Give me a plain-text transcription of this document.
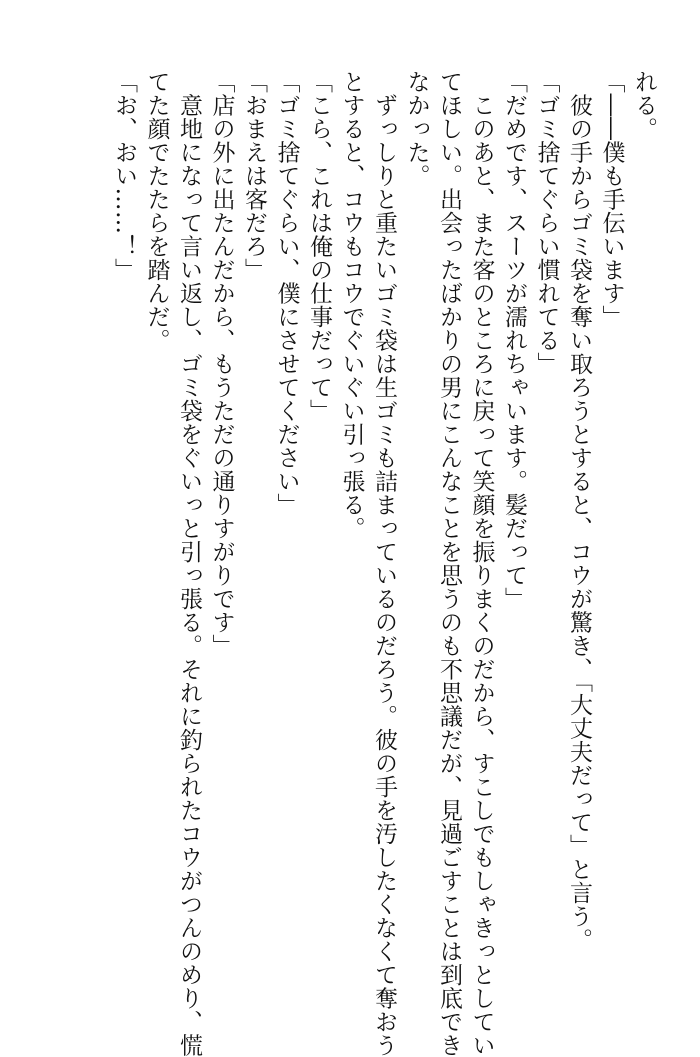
れる。
「――僕も手伝います」
　彼の手からゴミ袋を奪い取ろうとすると、コウが驚き、「大丈夫だって」と言う。
「ゴミ捨てぐらい慣れてる」
「だめです、スーツが濡れちゃいます。髪だって」
　このあと、また客のところに戻って笑顔を振りまくのだから、すこしでもしゃきっとしてい
てほしい。出会ったばかりの男にこんなことを思うのも不思議だが、見過ごすことは到底でき
なかった。
　ずっしりと重たいゴミ袋は生ゴミも詰まっているのだろう。彼の手を汚したくなくて奪おう
とすると、コウもコウでぐいぐい引っ張る。
「こら、これは俺の仕事だって」
「ゴミ捨てぐらい、僕にさせてください」
「おまえは客だろ」
「店の外に出たんだから、もうただの通りすがりです」
　意地になって言い返し、ゴミ袋をぐいっと引っ張る。それに釣られたコウがつんのめり、慌
てた顔でたたらを踏んだ。
「お、おい……！」
